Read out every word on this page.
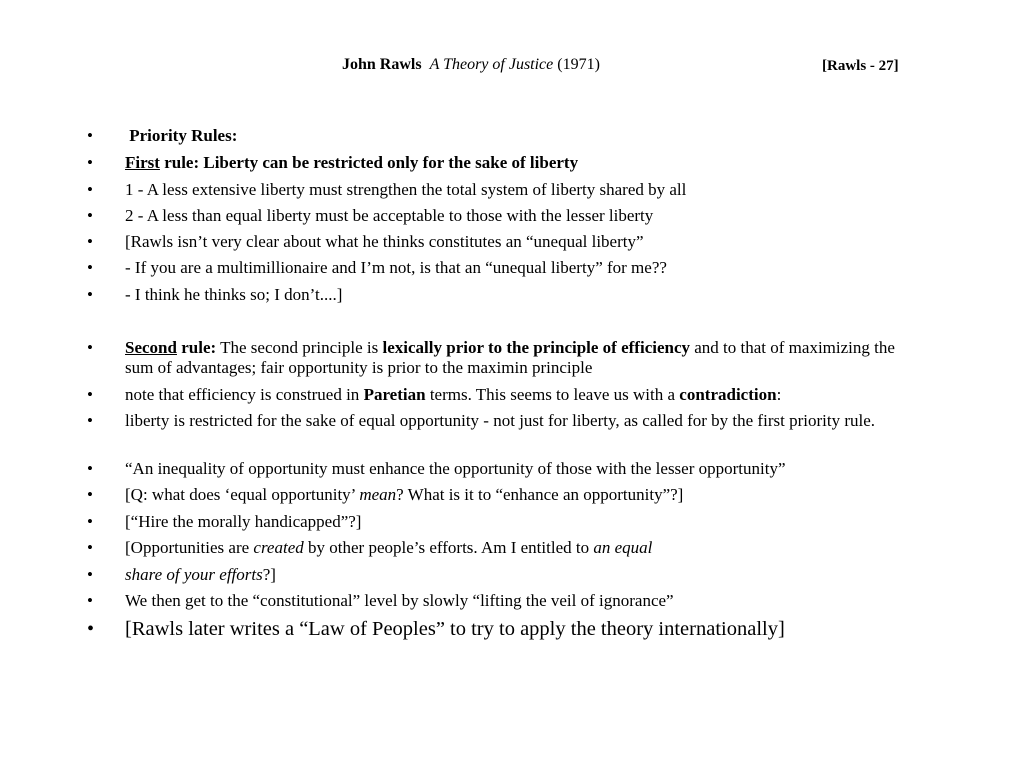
John Rawls A Theory of Justice (1971)	[Rawls - 27]
• Priority Rules:
• First rule: Liberty can be restricted only for the sake of liberty
• 1 - A less extensive liberty must strengthen the total system of liberty shared by all
• 2 - A less than equal liberty must be acceptable to those with the lesser liberty
• [Rawls isn’t very clear about what he thinks constitutes an “unequal liberty”
• - If you are a multimillionaire and I’m not, is that an “unequal liberty” for me??
• - I think he thinks so; I don’t....]
• Second rule: The second principle is lexically prior to the principle of efficiency and to that of maximizing the sum of advantages; fair opportunity is prior to the maximin principle
• note that efficiency is construed in Paretian terms. This seems to leave us with a contradiction:
• liberty is restricted for the sake of equal opportunity - not just for liberty, as called for by the first priority rule.
• “An inequality of opportunity must enhance the opportunity of those with the lesser opportunity”
• [Q: what does ‘equal opportunity’ mean? What is it to “enhance an opportunity”?]
• [“Hire the morally handicapped”?]
• [Opportunities are created by other people’s efforts. Am I entitled to an equal
• share of your efforts?]
• We then get to the “constitutional” level by slowly “lifting the veil of ignorance”
• [Rawls later writes a “Law of Peoples” to try to apply the theory internationally]
